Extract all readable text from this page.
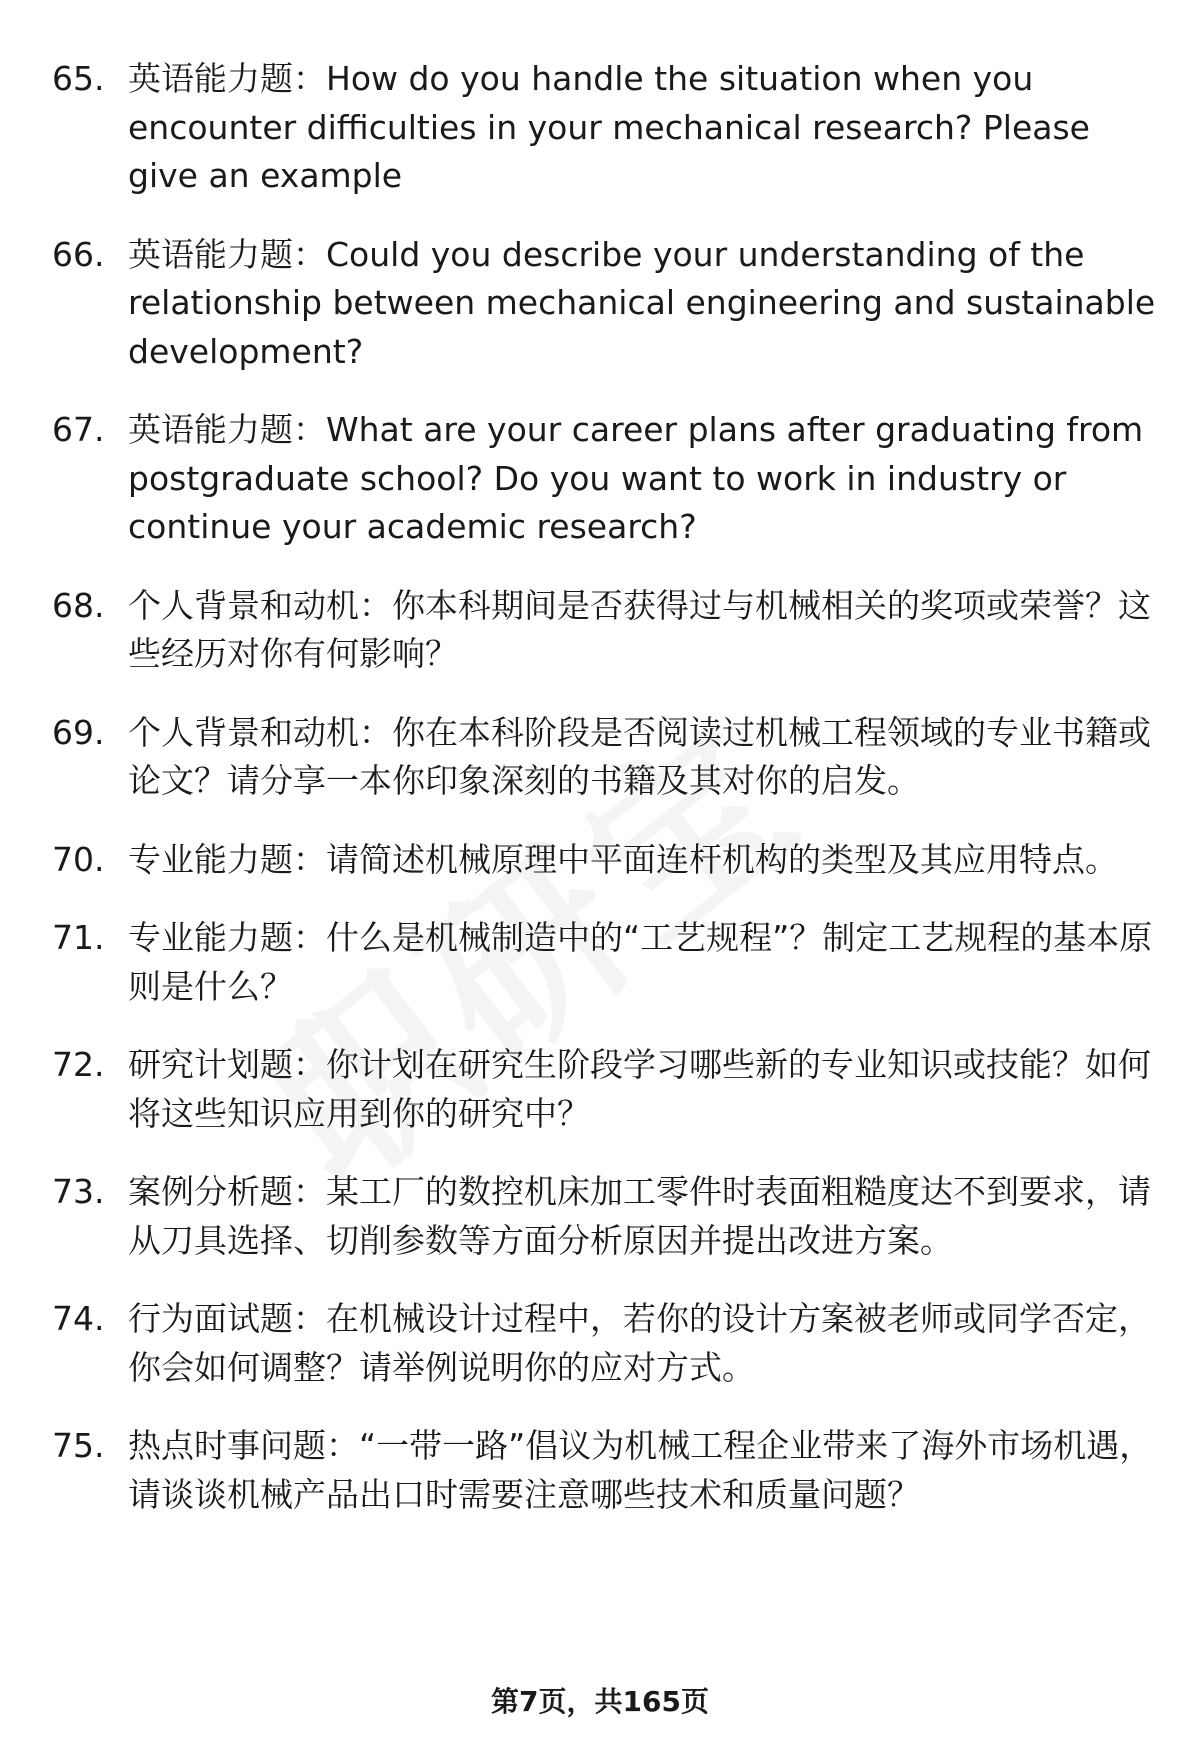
65. 英语能力题：How do you handle the situation when you encounter difficulties in your mechanical research? Please give an example
66. 英语能力题：Could you describe your understanding of the relationship between mechanical engineering and sustainable development?
67. 英语能力题：What are your career plans after graduating from postgraduate school? Do you want to work in industry or continue your academic research?
68. 个人背景和动机：你本科期间是否获得过与机械相关的奖项或荣誉？这些经历对你有何影响？
69. 个人背景和动机：你在本科阶段是否阅读过机械工程领域的专业书籍或论文？请分享一本你印象深刻的书籍及其对你的启发。
70. 专业能力题：请简述机械原理中平面连杆机构的类型及其应用特点。
71. 专业能力题：什么是机械制造中的“工艺规程”？制定工艺规程的基本原则是什么？
72. 研究计划题：你计划在研究生阶段学习哪些新的专业知识或技能？如何将这些知识应用到你的研究中？
73. 案例分析题：某工厂的数控机床加工零件时表面粗糙度达不到要求，请从刀具选择、切削参数等方面分析原因并提出改进方案。
74. 行为面试题：在机械设计过程中，若你的设计方案被老师或同学否定，你会如何调整？请举例说明你的应对方式。
75. 热点时事问题：“一带一路”倡议为机械工程企业带来了海外市场机遇，请谈谈机械产品出口时需要注意哪些技术和质量问题？
第7页，共165页
